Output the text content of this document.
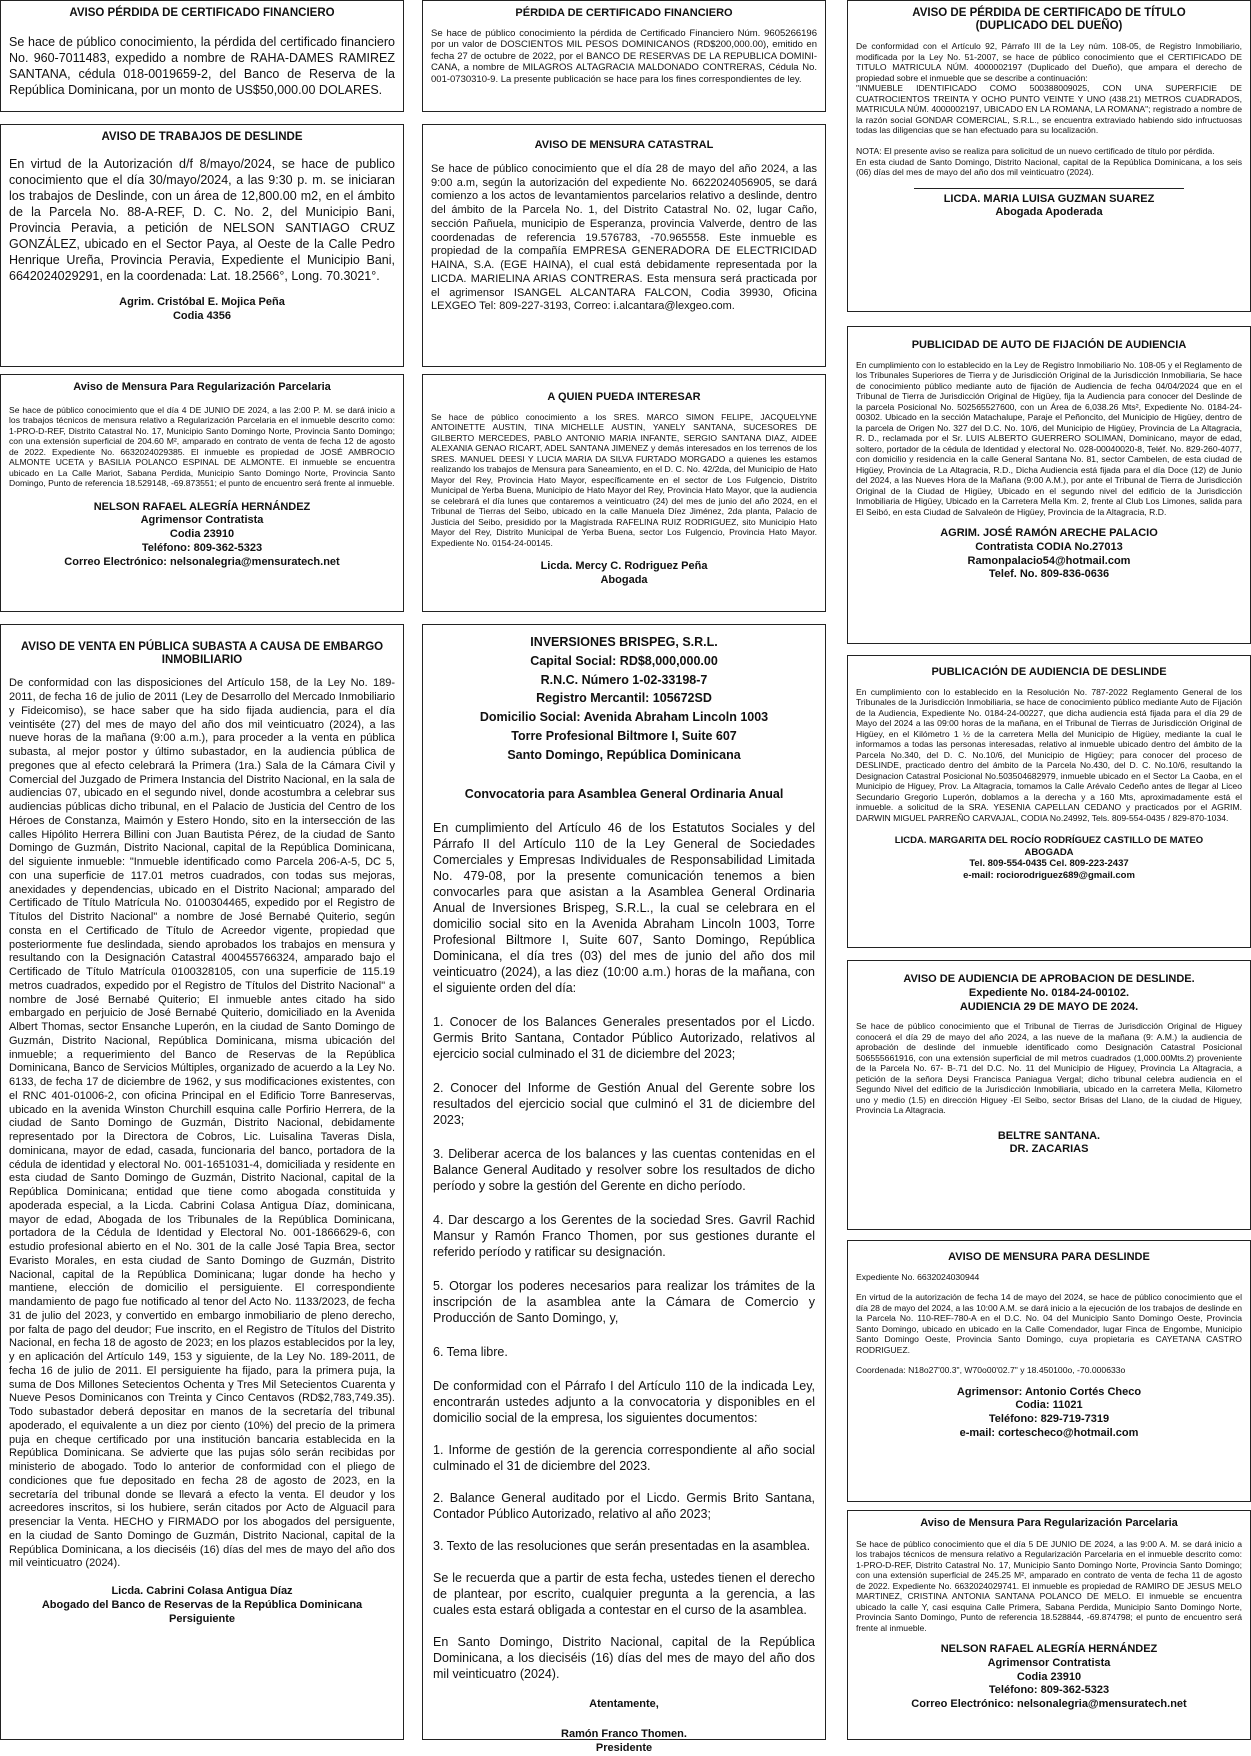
AVISO PÉRDIDA DE CERTIFICADO FINANCIERO

Se hace de público conocimiento, la pérdida del certificado financiero No. 960-7011483, expedido a nombre de RAHA-DAMES RAMIREZ SANTANA, cédula 018-0019659-2, del Banco de Reserva de la República Dominicana, por un monto de US$50,000.00 DOLARES.

AVISO DE TRABAJOS DE DESLINDE

En virtud de la Autorización d/f 8/mayo/2024, se hace de publico conocimiento que el día 30/mayo/2024, a las 9:30 p. m. se iniciaran los trabajos de Deslinde, con un área de 12,800.00 m2, en el ámbito de la Parcela No. 88-A-REF, D. C. No. 2, del Municipio Bani, Provincia Peravia, a petición de NELSON SANTIAGO CRUZ GONZÁLEZ, ubicado en el Sector Paya, al Oeste de la Calle Pedro Henrique Ureña, Provincia Peravia, Expediente el Municipio Bani, 6642024029291, en la coordenada: Lat. 18.2566°, Long. 70.3021°.

Agrim. Cristóbal E. Mojica Peña
Codia 4356

Aviso de Mensura Para Regularización Parcelaria

Se hace de público conocimiento que el día 4 DE JUNIO DE 2024, a las 2:00 P. M. se dará inicio a los trabajos técnicos de mensura relativo a Regularización Parcelaria en el inmueble descrito como: 1-PRO-D-REF, Distrito Catastral No. 17, Municipio Santo Domingo Norte, Provincia Santo Domingo; con una extensión superficial de 204.60 M², amparado en contrato de venta de fecha 12 de agosto de 2022. Expediente No. 6632024029385. El inmueble es propiedad de JOSÉ AMBROCIO ALMONTE UCETA y BASILIA POLANCO ESPINAL DE ALMONTE. El inmueble se encuentra ubicado en La Calle Mariot, Sabana Perdida, Municipio Santo Domingo Norte, Provincia Santo Domingo, Punto de referencia 18.529148, -69.873551; el punto de encuentro será frente al inmueble.

NELSON RAFAEL ALEGRÍA HERNÁNDEZ
Agrimensor Contratista
Codia 23910
Teléfono: 809-362-5323
Correo Electrónico: nelsonalegria@mensuratech.net

AVISO DE VENTA EN PÚBLICA SUBASTA A CAUSA DE EMBARGO INMOBILIARIO

De conformidad con las disposiciones del Artículo 158, de la Ley No. 189-2011, de fecha 16 de julio de 2011 (Ley de Desarrollo del Mercado Inmobiliario y Fideicomiso), se hace saber que ha sido fijada audiencia, para el día veintiséte (27) del mes de mayo del año dos mil veinticuatro (2024), a las nueve horas de la mañana (9:00 a.m.), para proceder a la venta en pública subasta, al mejor postor y último subastador, en la audiencia pública de pregones que al efecto celebrará la Primera (1ra.) Sala de la Cámara Civil y Comercial del Juzgado de Primera Instancia del Distrito Nacional, en la sala de audiencias 07, ubicado en el segundo nivel, donde acostumbra a celebrar sus audiencias públicas dicho tribunal, en el Palacio de Justicia del Centro de los Héroes de Constanza, Maimón y Estero Hondo, sito en la intersección de las calles Hipólito Herrera Billini con Juan Bautista Pérez, de la ciudad de Santo Domingo de Guzmán, Distrito Nacional, capital de la República Dominicana, del siguiente inmueble: "Inmueble identificado como Parcela 206-A-5, DC 5, con una superficie de 117.01 metros cuadrados, con todas sus mejoras, anexidades y dependencias, ubicado en el Distrito Nacional; amparado del Certificado de Título Matrícula No. 0100304465, expedido por el Registro de Títulos del Distrito Nacional" a nombre de José Bernabé Quiterio, según consta en el Certificado de Título de Acreedor vigente, propiedad que posteriormente fue deslindada, siendo aprobados los trabajos en mensura y resultando con la Designación Catastral 400455766324, amparado bajo el Certificado de Título Matrícula 0100328105, con una superficie de 115.19 metros cuadrados, expedido por el Registro de Títulos del Distrito Nacional" a nombre de José Bernabé Quiterio; El inmueble antes citado ha sido embargado en perjuicio de José Bernabé Quiterio, domiciliado en la Avenida Albert Thomas, sector Ensanche Luperón, en la ciudad de Santo Domingo de Guzmán, Distrito Nacional, República Dominicana, misma ubicación del inmueble; a requerimiento del Banco de Reservas de la República Dominicana, Banco de Servicios Múltiples, organizado de acuerdo a la Ley No. 6133, de fecha 17 de diciembre de 1962, y sus modificaciones existentes, con el RNC 401-01006-2, con oficina Principal en el Edificio Torre Banreservas, ubicado en la avenida Winston Churchill esquina calle Porfirio Herrera, de la ciudad de Santo Domingo de Guzmán, Distrito Nacional, debidamente representado por la Directora de Cobros, Lic. Luisalina Taveras Disla, dominicana, mayor de edad, casada, funcionaria del banco, portadora de la cédula de identidad y electoral No. 001-1651031-4, domiciliada y residente en esta ciudad de Santo Domingo de Guzmán, Distrito Nacional, capital de la República Dominicana; entidad que tiene como abogada constituida y apoderada especial, a la Licda. Cabrini Colasa Antigua Díaz, dominicana, mayor de edad, Abogada de los Tribunales de la República Dominicana, portadora de la Cédula de Identidad y Electoral No. 001-1866629-6, con estudio profesional abierto en el No. 301 de la calle José Tapia Brea, sector Evaristo Morales, en esta ciudad de Santo Domingo de Guzmán, Distrito Nacional, capital de la República Dominicana; lugar donde ha hecho y mantiene, elección de domicilio el persiguiente. El correspondiente mandamiento de pago fue notificado al tenor del Acto No. 1133/2023, de fecha 31 de julio del 2023, y convertido en embargo inmobiliario de pleno derecho, por falta de pago del deudor; Fue inscrito, en el Registro de Títulos del Distrito Nacional, en fecha 18 de agosto de 2023; en los plazos establecidos por la ley, y en aplicación del Artículo 149, 153 y siguiente, de la Ley No. 189-2011, de fecha 16 de julio de 2011. El persiguiente ha fijado, para la primera puja, la suma de Dos Millones Setecientos Ochenta y Tres Mil Setecientos Cuarenta y Nueve Pesos Dominicanos con Treinta y Cinco Centavos (RD$2,783,749.35). Todo subastador deberá depositar en manos de la secretaría del tribunal apoderado, el equivalente a un diez por ciento (10%) del precio de la primera puja en cheque certificado por una institución bancaria establecida en la República Dominicana. Se advierte que las pujas sólo serán recibidas por ministerio de abogado. Todo lo anterior de conformidad con el pliego de condiciones que fue depositado en fecha 28 de agosto de 2023, en la secretaría del tribunal donde se llevará a efecto la venta. El deudor y los acreedores inscritos, si los hubiere, serán citados por Acto de Alguacil para presenciar la Venta. HECHO y FIRMADO por los abogados del persiguente, en la ciudad de Santo Domingo de Guzmán, Distrito Nacional, capital de la República Dominicana, a los dieciséis (16) días del mes de mayo del año dos mil veinticuatro (2024).

Licda. Cabrini Colasa Antigua Díaz
Abogado del Banco de Reservas de la República Dominicana
Persiguiente

PÉRDIDA DE CERTIFICADO FINANCIERO

Se hace de público conocimiento la pérdida de Certificado Financiero Núm. 9605266196 por un valor de DOSCIENTOS MIL PESOS DOMINICANOS (RD$200,000.00), emitido en fecha 27 de octubre de 2022, por el BANCO DE RESERVAS DE LA REPUBLICA DOMINI-CANA, a nombre de MILAGROS ALTAGRACIA MALDONADO CONTRERAS, Cédula No. 001-0730310-9. La presente publicación se hace para los fines correspondientes de ley.

AVISO DE MENSURA CATASTRAL

Se hace de público conocimiento que el día 28 de mayo del año 2024, a las 9:00 a.m, según la autorización del expediente No. 6622024056905, se dará comienzo a los actos de levantamientos parcelarios relativo a deslinde, dentro del ámbito de la Parcela No. 1, del Distrito Catastral No. 02, lugar Caño, sección Pañuela, municipio de Esperanza, provincia Valverde, dentro de las coordenadas de referencia 19.576783, -70.965558. Este inmueble es propiedad de la compañía EMPRESA GENERADORA DE ELECTRICIDAD HAINA, S.A. (EGE HAINA), el cual está debidamente representada por la LICDA. MARIELINA ARIAS CONTRERAS. Esta mensura será practicada por el agrimensor ISANGEL ALCANTARA FALCON, Codia 39930, Oficina LEXGEO Tel: 809-227-3193, Correo: i.alcantara@lexgeo.com.

A QUIEN PUEDA INTERESAR

Se hace de público conocimiento a los SRES. MARCO SIMON FELIPE, JACQUELYNE ANTOINETTE AUSTIN, TINA MICHELLE AUSTIN, YANELY SANTANA, SUCESORES DE GILBERTO MERCEDES, PABLO ANTONIO MARIA INFANTE, SERGIO SANTANA DIAZ, AIDEE ALEXANIA GENAO RICART, ADEL SANTANA JIMENEZ y demás interesados en los terrenos de los SRES. MANUEL DEESI Y LUCIA MARIA DA SILVA FURTADO MORGADO a quienes les estamos realizando los trabajos de Mensura para Saneamiento, en el D. C. No. 42/2da, del Municipio de Hato Mayor del Rey, Provincia Hato Mayor, específicamente en el sector de Los Fulgencio, Distrito Municipal de Yerba Buena, Municipio de Hato Mayor del Rey, Provincia Hato Mayor, que la audiencia se celebrará el día lunes que contaremos a veinticuatro (24) del mes de junio del año 2024, en el Tribunal de Tierras del Seibo, ubicado en la calle Manuela Díez Jiménez, 2da planta, Palacio de Justicia del Seibo, presidido por la Magistrada RAFELINA RUIZ RODRIGUEZ, sito Municipio Hato Mayor del Rey, Distrito Municipal de Yerba Buena, sector Los Fulgencio, Provincia Hato Mayor. Expediente No. 0154-24-00145.

Licda. Mercy C. Rodriguez Peña
Abogada

INVERSIONES BRISPEG, S.R.L.
Capital Social: RD$8,000,000.00
R.N.C. Número 1-02-33198-7
Registro Mercantil: 105672SD
Domicilio Social: Avenida Abraham Lincoln 1003
Torre Profesional Biltmore I, Suite 607
Santo Domingo, República Dominicana

Convocatoria para Asamblea General Ordinaria Anual

En cumplimiento del Artículo 46 de los Estatutos Sociales y del Párrafo II del Artículo 110 de la Ley General de Sociedades Comerciales y Empresas Individuales de Responsabilidad Limitada No. 479-08, por la presente comunicación tenemos a bien convocarles para que asistan a la Asamblea General Ordinaria Anual de Inversiones Brispeg, S.R.L., la cual se celebrara en el domicilio social sito en la Avenida Abraham Lincoln 1003, Torre Profesional Biltmore I, Suite 607, Santo Domingo, República Dominicana, el día tres (03) del mes de junio del año dos mil veinticuatro (2024), a las diez (10:00 a.m.) horas de la mañana, con el siguiente orden del día:

1. Conocer de los Balances Generales presentados por el Licdo. Germis Brito Santana, Contador Público Autorizado, relativos al ejercicio social culminado el 31 de diciembre del 2023;

2. Conocer del Informe de Gestión Anual del Gerente sobre los resultados del ejercicio social que culminó el 31 de diciembre del 2023;

3. Deliberar acerca de los balances y las cuentas contenidas en el Balance General Auditado y resolver sobre los resultados de dicho período y sobre la gestión del Gerente en dicho período.

4. Dar descargo a los Gerentes de la sociedad Sres. Gavril Rachid Mansur y Ramón Franco Thomen, por sus gestiones durante el referido período y ratificar su designación.

5. Otorgar los poderes necesarios para realizar los trámites de la inscripción de la asamblea ante la Cámara de Comercio y Producción de Santo Domingo, y,

6. Tema libre.

De conformidad con el Párrafo I del Artículo 110 de la indicada Ley, encontrarán ustedes adjunto a la convocatoria y disponibles en el domicilio social de la empresa, los siguientes documentos:

1. Informe de gestión de la gerencia correspondiente al año social culminado el 31 de diciembre del 2023.

2. Balance General auditado por el Licdo. Germis Brito Santana, Contador Público Autorizado, relativo al año 2023;

3. Texto de las resoluciones que serán presentadas en la asamblea.

Se le recuerda que a partir de esta fecha, ustedes tienen el derecho de plantear, por escrito, cualquier pregunta a la gerencia, a las cuales esta estará obligada a contestar en el curso de la asamblea.

En Santo Domingo, Distrito Nacional, capital de la República Dominicana, a los dieciséis (16) días del mes de mayo del año dos mil veinticuatro (2024).

Atentamente,

Ramón Franco Thomen.
Presidente

AVISO DE PÉRDIDA DE CERTIFICADO DE TÍTULO
(DUPLICADO DEL DUEÑO)

De conformidad con el Artículo 92, Párrafo III de la Ley núm. 108-05, de Registro Inmobiliario, modificada por la Ley No. 51-2007, se hace de público conocimiento que el CERTIFICADO DE TITULO MATRICULA NÚM. 4000002197 (Duplicado del Dueño), que ampara el derecho de propiedad sobre el inmueble que se describe a continuación:
"INMUEBLE IDENTIFICADO COMO 500388009025, CON UNA SUPERFICIE DE CUATROCIENTOS TREINTA Y OCHO PUNTO VEINTE Y UNO (438.21) METROS CUADRADOS, MATRICULA NÚM. 4000002197, UBICADO EN LA ROMANA, LA ROMANA"; registrado a nombre de la razón social GONDAR COMERCIAL, S.R.L., se encuentra extraviado habiendo sido infructuosas todas las diligencias que se han efectuado para su localización.

NOTA: El presente aviso se realiza para solicitud de un nuevo certificado de título por pérdida.
En esta ciudad de Santo Domingo, Distrito Nacional, capital de la República Dominicana, a los seis (06) días del mes de mayo del año dos mil veinticuatro (2024).

LICDA. MARIA LUISA GUZMAN SUAREZ
Abogada Apoderada

PUBLICIDAD DE AUTO DE FIJACIÓN DE AUDIENCIA

En cumplimiento con lo establecido en la Ley de Registro Inmobiliario No. 108-05 y el Reglamento de los Tribunales Superiores de Tierra y de Jurisdicción Original de la Jurisdicción Inmobiliaria, Se hace de conocimiento público mediante auto de fijación de Audiencia de fecha 04/04/2024 que en el Tribunal de Tierra de Jurisdicción Original de Higüey, fija la Audiencia para conocer del Deslinde de la parcela Posicional No. 502565527600, con un Área de 6,038.26 Mts², Expediente No. 0184-24-00302. Ubicado en la sección Matachalupe, Paraje el Peñoncito, del Municipio de Higüey, dentro de la parcela de Origen No. 327 del D.C. No. 10/6, del Municipio de Higüey, Provincia de La Altagracia, R. D., reclamada por el Sr. LUIS ALBERTO GUERRERO SOLIMAN, Dominicano, mayor de edad, soltero, portador de la cédula de Identidad y electoral No. 028-00040020-8, Teléf. No. 829-260-4077, con domicilio y residencia en la calle General Santana No. 81, sector Cambelen, de esta ciudad de Higüey, Provincia de La Altagracia, R.D., Dicha Audiencia está fijada para el día Doce (12) de Junio del 2024, a las Nueves Hora de la Mañana (9:00 A.M.), por ante el Tribunal de Tierra de Jurisdicción Original de la Ciudad de Higüey, Ubicado en el segundo nivel del edificio de la Jurisdicción Inmobiliaria de Higüey, Ubicado en la Carretera Mella Km. 2, frente al Club Los Limones, salida para El Seibó, en esta Ciudad de Salvaleón de Higüey, Provincia de la Altagracia, R.D.

AGRIM. JOSÉ RAMÓN ARECHE PALACIO
Contratista CODIA No.27013
Ramonpalacio54@hotmail.com
Telef. No. 809-836-0636

PUBLICACIÓN DE AUDIENCIA DE DESLINDE

En cumplimiento con lo establecido en la Resolución No. 787-2022 Reglamento General de los Tribunales de la Jurisdicción Inmobiliaria, se hace de conocimiento público mediante Auto de Fijación de la Audiencia, Expediente No. 0184-24-00227, que dicha audiencia está fijada para el día 29 de Mayo del 2024 a las 09:00 horas de la mañana, en el Tribunal de Tierras de Jurisdicción Original de Higüey, en el Kilómetro 1 ½ de la carretera Mella del Municipio de Higüey, mediante la cual le informamos a todas las personas interesadas, relativo al inmueble ubicado dentro del ámbito de la Parcela No.340, del D. C. No.10/6, del Municipio de Higüey; para conocer del proceso de DESLINDE, practicado dentro del ámbito de la Parcela No.430, del D. C. No.10/6, resultando la Designacion Catastral Posicional No.503504682979, inmueble ubicado en el Sector La Caoba, en el Municipio de Higuey, Prov. La Altagracia, tomamos la Calle Arévalo Cedeño antes de llegar al Liceo Secundario Gregorio Luperón, doblamos a la derecha y a 160 Mts, aproximadamente está el inmueble. a solicitud de la SRA. YESENIA CAPELLAN CEDANO y practicados por el AGRIM. DARWIN MIGUEL PARREÑO CARVAJAL, CODIA No.24992, Tels. 809-554-0435 / 829-870-1034.

LICDA. MARGARITA DEL ROCÍO RODRÍGUEZ CASTILLO DE MATEO
ABOGADA
Tel. 809-554-0435 Cel. 809-223-2437
e-mail: rociorodriguez689@gmail.com

AVISO DE AUDIENCIA DE APROBACION DE DESLINDE.
Expediente No. 0184-24-00102.
AUDIENCIA 29 DE MAYO DE 2024.

Se hace de público conocimiento que el Tribunal de Tierras de Jurisdicción Original de Higuey conocerá el día 29 de mayo del año 2024, a las nueve de la mañana (9: A.M.) la audiencia de aprobación de deslinde del inmueble identificado como Designación Catastral Posicional 506555661916, con una extensión superficial de mil metros cuadrados (1,000.00Mts.2) proveniente de la Parcela No. 67- B-.71 del D.C. No. 11 del Municipio de Higuey, Provincia La Altagracia, a petición de la señora Deysi Francisca Paniagua Vergal; dicho tribunal celebra audiencia en el Segundo Nivel del edificio de la Jurisdicción Inmobiliaria, ubicado en la carretera Mella, Kilometro uno y medio (1.5) en dirección Higuey -El Seibo, sector Brisas del Llano, de la ciudad de Higuey, Provincia La Altagracia.

BELTRE SANTANA.
DR. ZACARIAS

AVISO DE MENSURA PARA DESLINDE

Expediente No. 6632024030944

En virtud de la autorización de fecha 14 de mayo del 2024, se hace de público conocimiento que el día 28 de mayo del 2024, a las 10:00 A.M. se dará inicio a la ejecución de los trabajos de deslinde en la Parcela No. 110-REF-780-A en el D.C. No. 04 del Municipio Santo Domingo Oeste, Provincia Santo Domingo, ubicado en ubicado en la Calle Comendador, lugar Finca de Engombe, Municipio Santo Domingo Oeste, Provincia Santo Domingo, cuya propietaria es CAYETANA CASTRO RODRIGUEZ.

Coordenada: N18o27'00.3", W70o00'02.7" y 18.450100o, -70.000633o

Agrimensor: Antonio Cortés Checo
Codia: 11021
Teléfono: 829-719-7319
e-mail: cortescheco@hotmail.com

Aviso de Mensura Para Regularización Parcelaria

Se hace de público conocimiento que el día 5 DE JUNIO DE 2024, a las 9:00 A. M. se dará inicio a los trabajos técnicos de mensura relativo a Regularización Parcelaria en el inmueble descrito como: 1-PRO-D-REF, Distrito Catastral No. 17, Municipio Santo Domingo Norte, Provincia Santo Domingo; con una extensión superficial de 245.25 M², amparado en contrato de venta de fecha 11 de agosto de 2022. Expediente No. 6632024029741. El inmueble es propiedad de RAMIRO DE JESUS MELO MARTINEZ, CRISTINA ANTONIA SANTANA POLANCO DE MELO. El inmueble se encuentra ubicado la calle Y, casi esquina Calle Primera, Sabana Perdida, Municipio Santo Domingo Norte, Provincia Santo Domingo, Punto de referencia 18.528844, -69.874798; el punto de encuentro será frente al inmueble.

NELSON RAFAEL ALEGRÍA HERNÁNDEZ
Agrimensor Contratista
Codia 23910
Teléfono: 809-362-5323
Correo Electrónico: nelsonalegria@mensuratech.net
